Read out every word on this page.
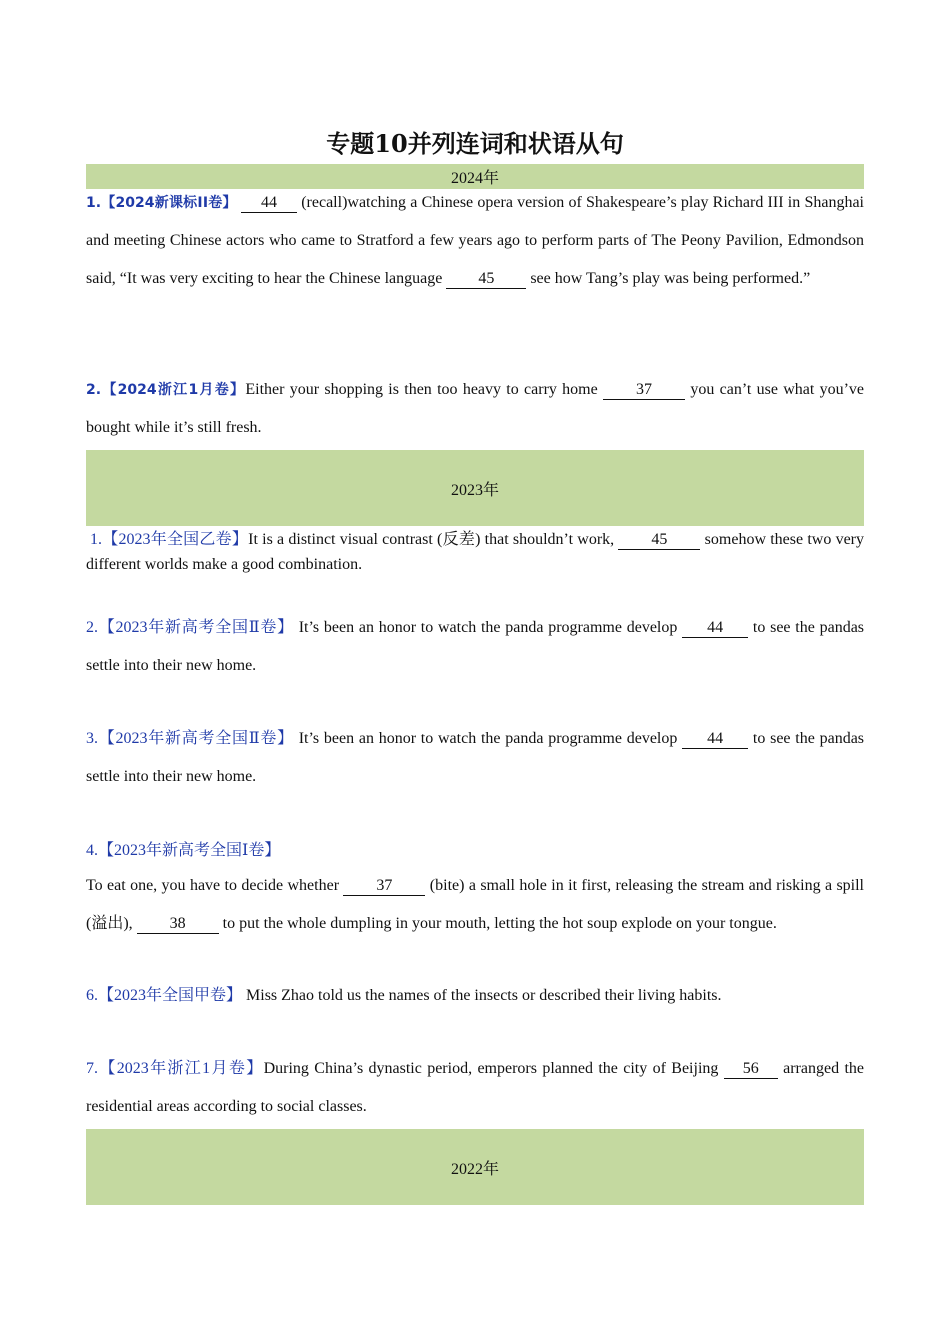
专题10并列连词和状语从句
2024年
1.【2024新课标ⅠⅠ卷】 44 (recall)watching a Chinese opera version of Shakespeare’s play Richard III in Shanghai and meeting Chinese actors who came to Stratford a few years ago to perform parts of The Peony Pavilion, Edmondson said, “It was very exciting to hear the Chinese language 45 see how Tang’s play was being performed.”
2.【2024浙江1月卷】Either your shopping is then too heavy to carry home 37 you can’t use what you’ve bought while it’s still fresh.
2023年
1.【2023年全国乙卷】It is a distinct visual contrast (反差) that shouldn’t work, 45 somehow these two very different worlds make a good combination.
2.【2023年新高考全国Ⅱ卷】 It’s been an honor to watch the panda programme develop 44 to see the pandas settle into their new home.
3.【2023年新高考全国Ⅱ卷】 It’s been an honor to watch the panda programme develop 44 to see the pandas settle into their new home.
4.【2023年新高考全国Ⅰ卷】
To eat one, you have to decide whether 37 (bite) a small hole in it first, releasing the stream and risking a spill (溢出), 38 to put the whole dumpling in your mouth, letting the hot soup explode on your tongue.
6.【2023年全国甲卷】 Miss Zhao told us the names of the insects or described their living habits.
7.【2023年浙江1月卷】During China’s dynastic period, emperors planned the city of Beijing 56 arranged the residential areas according to social classes.
2022年
